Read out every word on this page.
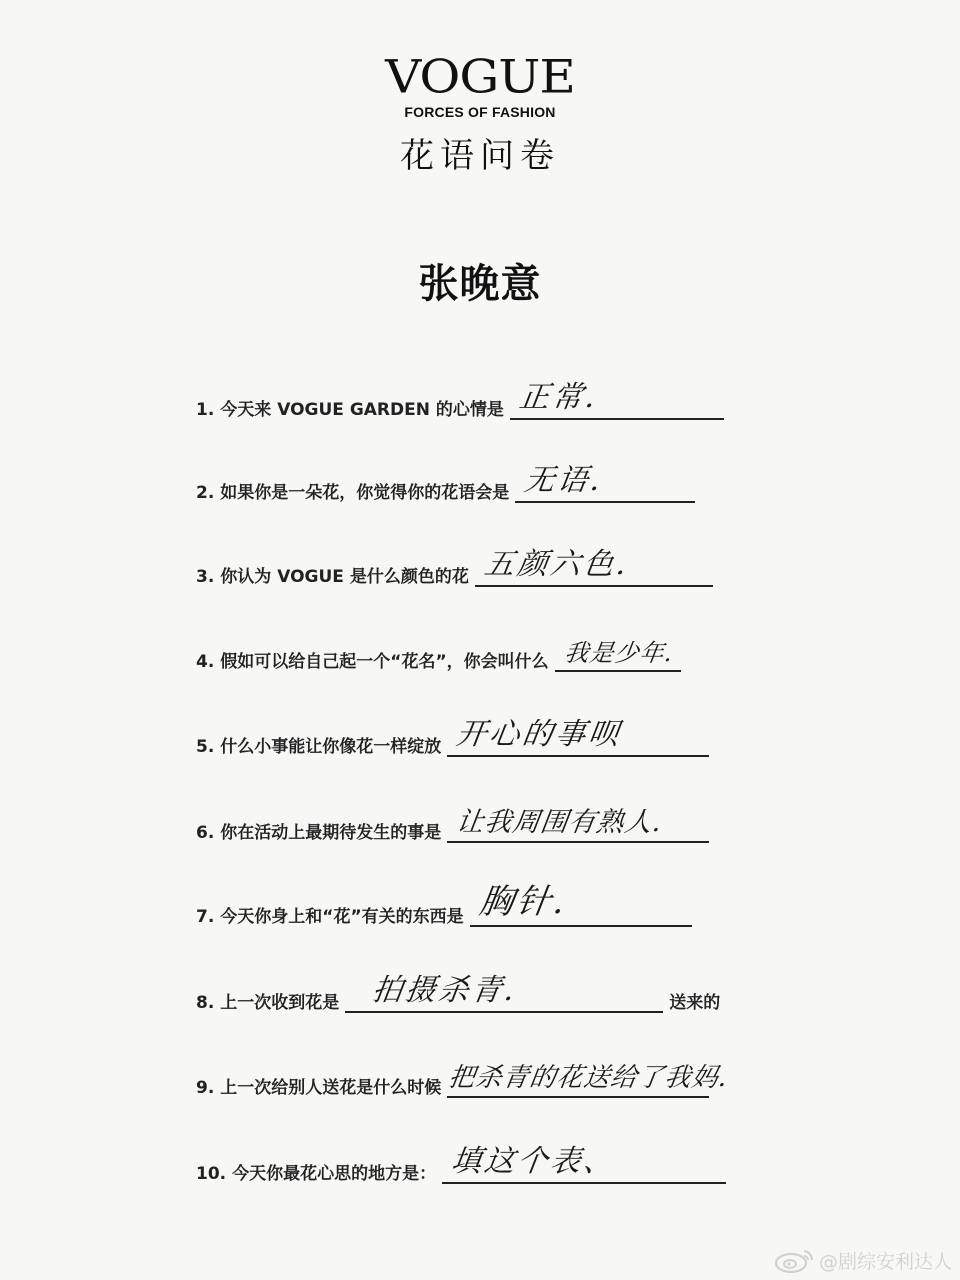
VOGUE
FORCES OF FASHION
花语问卷
张晚意
1. 今天来 VOGUE GARDEN 的心情是 正常.
2. 如果你是一朵花，你觉得你的花语会是 无语.
3. 你认为 VOGUE 是什么颜色的花 五颜六色.
4. 假如可以给自己起一个“花名”，你会叫什么 我是少年.
5. 什么小事能让你像花一样绽放 开心的事呗
6. 你在活动上最期待发生的事是 让我周围有熟人.
7. 今天你身上和“花”有关的东西是 胸针.
8. 上一次收到花是 拍摄杀青.	送来的
9. 上一次给别人送花是什么时候 把杀青的花送给了我妈.
10. 今天你最花心思的地方是： 填这个表、
@剧综安利达人
